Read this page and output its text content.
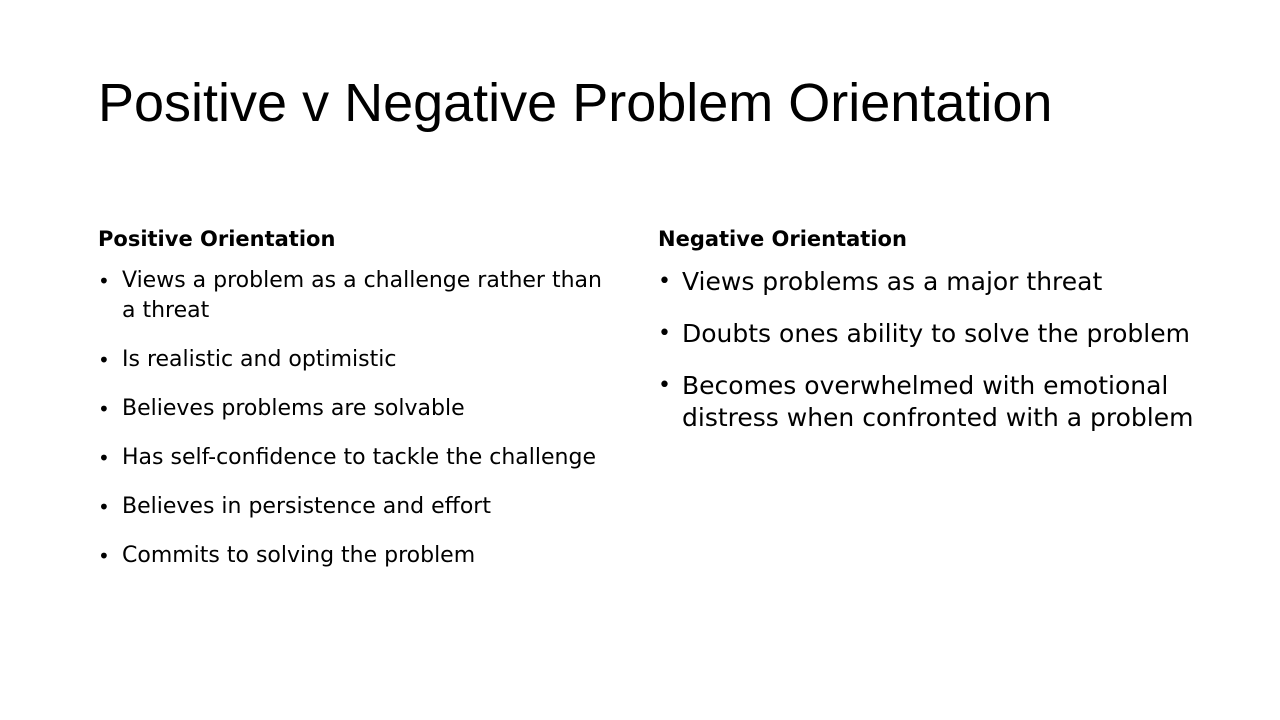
Positive v Negative Problem Orientation
Positive Orientation
• Views a problem as a challenge rather than a threat
• Is realistic and optimistic
• Believes problems are solvable
• Has self-confidence to tackle the challenge
• Believes in persistence and effort
• Commits to solving the problem
Negative Orientation
• Views problems as a major threat
• Doubts ones ability to solve the problem
• Becomes overwhelmed with emotional distress when confronted with a problem
